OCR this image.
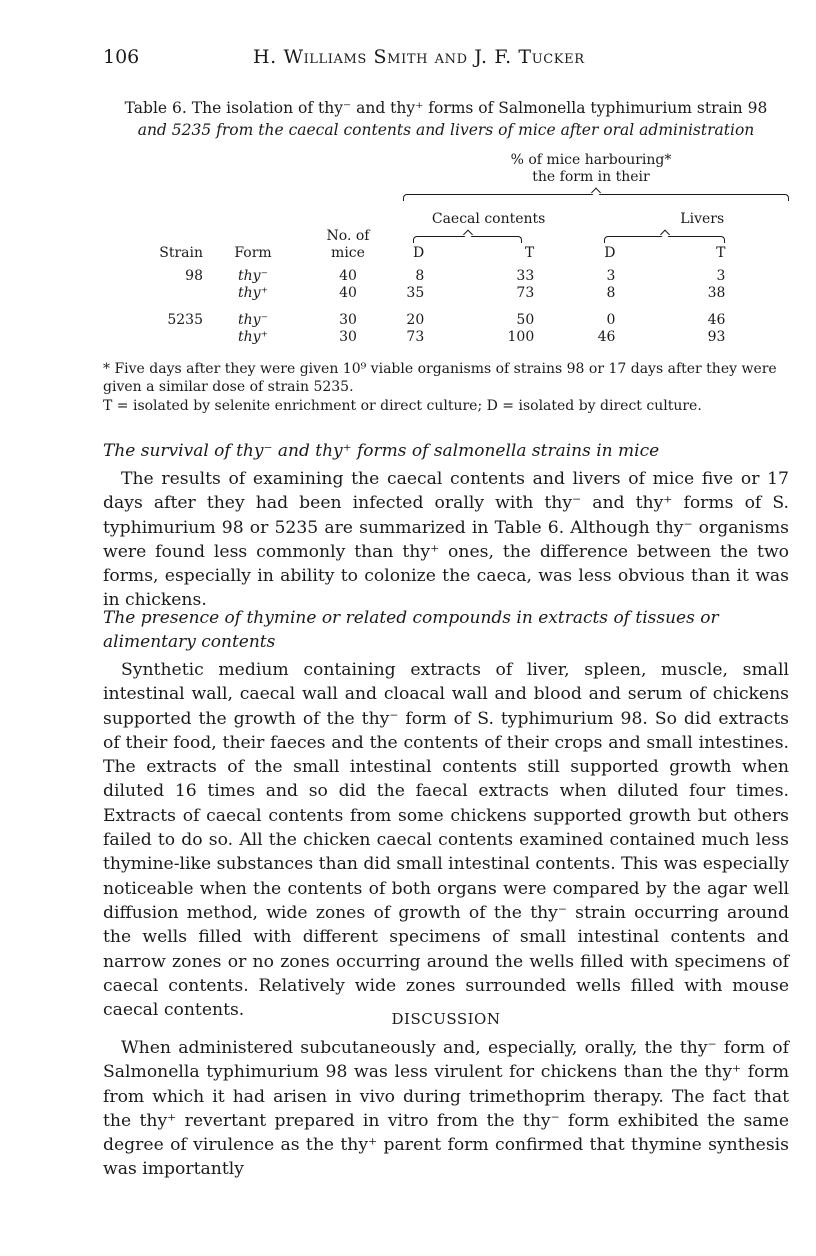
106	H. Williams Smith and J. F. Tucker
Table 6. The isolation of thy⁻ and thy⁺ forms of Salmonella typhimurium strain 98
and 5235 from the caecal contents and livers of mice after oral administration
			% of mice harbouring*							
			the form in their							

			Caecal contents					Livers		
		No. of					

Strain	Form	mice	D		T		D		T	

98	thy⁻	40	8		33		3		3	
	thy⁺	40	35		73		8		38	

5235	thy⁻	30	20		50		0		46	
	thy⁺	30	73		100		46		93	
* Five days after they were given 10⁹ viable organisms of strains 98 or 17 days after they were given a similar dose of strain 5235.
T = isolated by selenite enrichment or direct culture; D = isolated by direct culture.
The survival of thy⁻ and thy⁺ forms of salmonella strains in mice
The results of examining the caecal contents and livers of mice five or 17 days after they had been infected orally with thy⁻ and thy⁺ forms of S. typhimurium 98 or 5235 are summarized in Table 6. Although thy⁻ organisms were found less commonly than thy⁺ ones, the difference between the two forms, especially in ability to colonize the caeca, was less obvious than it was in chickens.
The presence of thymine or related compounds in extracts of tissues or alimentary contents
Synthetic medium containing extracts of liver, spleen, muscle, small intestinal wall, caecal wall and cloacal wall and blood and serum of chickens supported the growth of the thy⁻ form of S. typhimurium 98. So did extracts of their food, their faeces and the contents of their crops and small intestines. The extracts of the small intestinal contents still supported growth when diluted 16 times and so did the faecal extracts when diluted four times. Extracts of caecal contents from some chickens supported growth but others failed to do so. All the chicken caecal contents examined contained much less thymine-like substances than did small intestinal contents. This was especially noticeable when the contents of both organs were compared by the agar well diffusion method, wide zones of growth of the thy⁻ strain occurring around the wells filled with different specimens of small intestinal contents and narrow zones or no zones occurring around the wells filled with specimens of caecal contents. Relatively wide zones surrounded wells filled with mouse caecal contents.	DISCUSSION
When administered subcutaneously and, especially, orally, the thy⁻ form of Salmonella typhimurium 98 was less virulent for chickens than the thy⁺ form from which it had arisen in vivo during trimethoprim therapy. The fact that the thy⁺ revertant prepared in vitro from the thy⁻ form exhibited the same degree of virulence as the thy⁺ parent form confirmed that thymine synthesis was importantly
